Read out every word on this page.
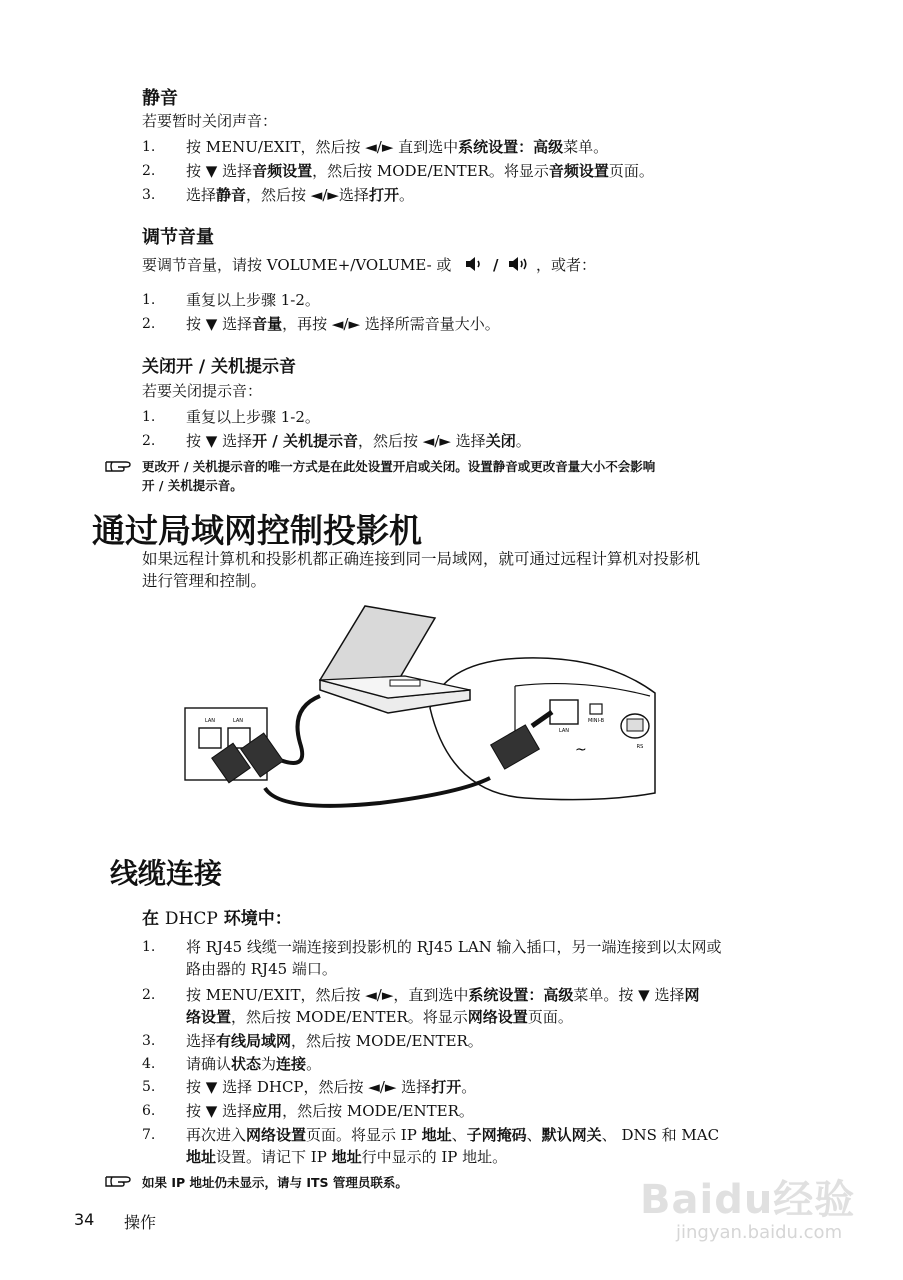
静音
若要暂时关闭声音：
1.	按 MENU/EXIT，然后按 ◄/► 直到选中系统设置：高级菜单。
2.	按 ▼ 选择音频设置，然后按 MODE/ENTER。将显示音频设置页面。
3.	选择静音，然后按 ◄/►选择打开。
调节音量
要调节音量，请按 VOLUME+/VOLUME- 或	/	，或者：
1.	重复以上步骤 1-2。
2.	按 ▼ 选择音量，再按 ◄/► 选择所需音量大小。
关闭开 / 关机提示音
若要关闭提示音：
1.	重复以上步骤 1-2。
2.	按 ▼ 选择开 / 关机提示音，然后按 ◄/► 选择关闭。
更改开 / 关机提示音的唯一方式是在此处设置开启或关闭。设置静音或更改音量大小不会影响
开 / 关机提示音。
通过局域网控制投影机
如果远程计算机和投影机都正确连接到同一局域网，就可通过远程计算机对投影机
进行管理和控制。
LAN
MINI-B
RS
~
LAN	LAN
线缆连接
在 DHCP 环境中：
1.	将 RJ45 线缆一端连接到投影机的 RJ45 LAN 输入插口，另一端连接到以太网或
路由器的 RJ45 端口。
2.	按 MENU/EXIT，然后按 ◄/►，直到选中系统设置：高级菜单。按 ▼ 选择网
络设置，然后按 MODE/ENTER。将显示网络设置页面。
3.	选择有线局域网，然后按 MODE/ENTER。
4.	请确认状态为连接。
5.	按 ▼ 选择 DHCP，然后按 ◄/► 选择打开。
6.	按 ▼ 选择应用，然后按 MODE/ENTER。
7.	再次进入网络设置页面。将显示 IP 地址、子网掩码、默认网关、 DNS 和 MAC
地址设置。请记下 IP 地址行中显示的 IP 地址。
如果 IP 地址仍未显示，请与 ITS 管理员联系。
34 操作	Baidu经验
jingyan.baidu.com
